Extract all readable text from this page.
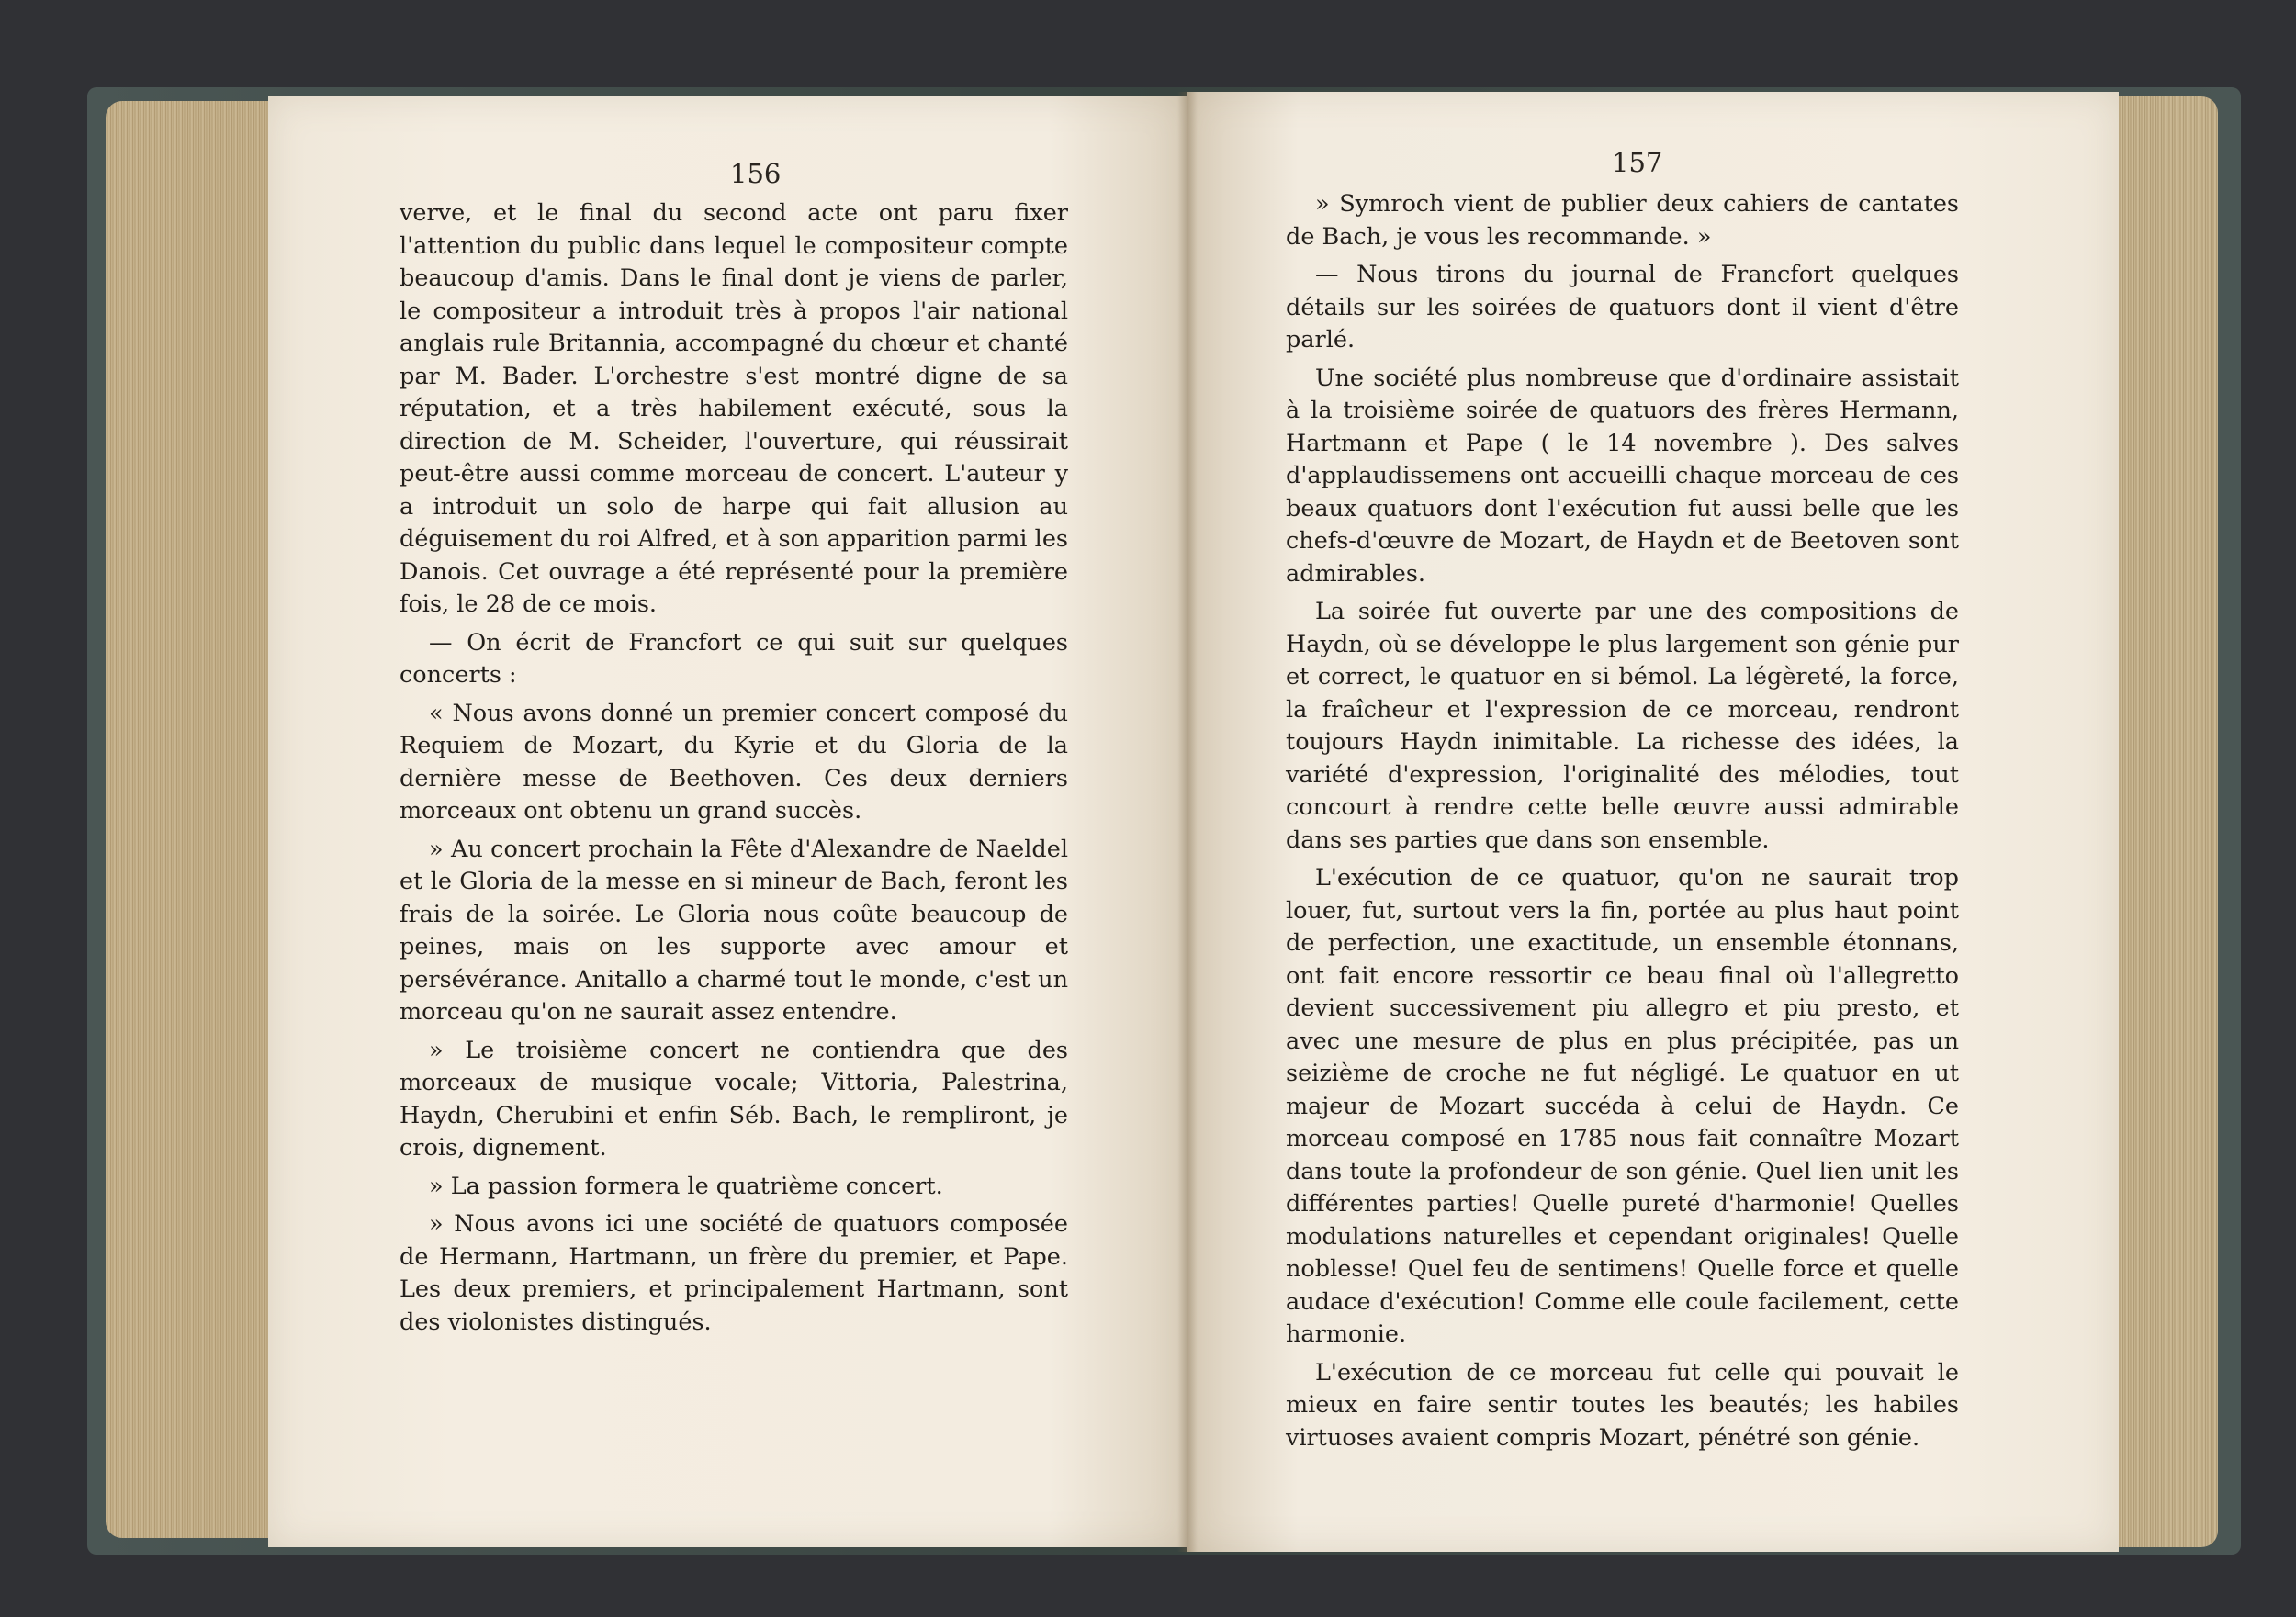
156	157

verve, et le final du second acte ont paru fixer l'attention du public dans lequel le compositeur compte beaucoup d'amis. Dans le final dont je viens de parler, le compositeur a introduit très à propos l'air national anglais rule Britannia, accompagné du chœur et chanté par M. Bader. L'orchestre s'est montré digne de sa réputation, et a très habilement exécuté, sous la direction de M. Scheider, l'ouverture, qui réussirait peut-être aussi comme morceau de concert. L'auteur y a introduit un solo de harpe qui fait allusion au déguisement du roi Alfred, et à son apparition parmi les Danois. Cet ouvrage a été représenté pour la première fois, le 28 de ce mois.

— On écrit de Francfort ce qui suit sur quelques concerts :

« Nous avons donné un premier concert composé du Requiem de Mozart, du Kyrie et du Gloria de la dernière messe de Beethoven. Ces deux derniers morceaux ont obtenu un grand succès.

» Au concert prochain la Fête d'Alexandre de Naeldel et le Gloria de la messe en si mineur de Bach, feront les frais de la soirée. Le Gloria nous coûte beaucoup de peines, mais on les supporte avec amour et persévérance. Anitallo a charmé tout le monde, c'est un morceau qu'on ne saurait assez entendre.

» Le troisième concert ne contiendra que des morceaux de musique vocale; Vittoria, Palestrina, Haydn, Cherubini et enfin Séb. Bach, le rempliront, je crois, dignement.

» La passion formera le quatrième concert.

» Nous avons ici une société de quatuors composée de Hermann, Hartmann, un frère du premier, et Pape. Les deux premiers, et principalement Hartmann, sont des violonistes distingués.

» Symroch vient de publier deux cahiers de cantates de Bach, je vous les recommande. »

— Nous tirons du journal de Francfort quelques détails sur les soirées de quatuors dont il vient d'être parlé.

Une société plus nombreuse que d'ordinaire assistait à la troisième soirée de quatuors des frères Hermann, Hartmann et Pape ( le 14 novembre ). Des salves d'applaudissemens ont accueilli chaque morceau de ces beaux quatuors dont l'exécution fut aussi belle que les chefs-d'œuvre de Mozart, de Haydn et de Beetoven sont admirables.

La soirée fut ouverte par une des compositions de Haydn, où se développe le plus largement son génie pur et correct, le quatuor en si bémol. La légèreté, la force, la fraîcheur et l'expression de ce morceau, rendront toujours Haydn inimitable. La richesse des idées, la variété d'expression, l'originalité des mélodies, tout concourt à rendre cette belle œuvre aussi admirable dans ses parties que dans son ensemble.

L'exécution de ce quatuor, qu'on ne saurait trop louer, fut, surtout vers la fin, portée au plus haut point de perfection, une exactitude, un ensemble étonnans, ont fait encore ressortir ce beau final où l'allegretto devient successivement piu allegro et piu presto, et avec une mesure de plus en plus précipitée, pas un seizième de croche ne fut négligé. Le quatuor en ut majeur de Mozart succéda à celui de Haydn. Ce morceau composé en 1785 nous fait connaître Mozart dans toute la profondeur de son génie. Quel lien unit les différentes parties! Quelle pureté d'harmonie! Quelles modulations naturelles et cependant originales! Quelle noblesse! Quel feu de sentimens! Quelle force et quelle audace d'exécution! Comme elle coule facilement, cette harmonie.

L'exécution de ce morceau fut celle qui pouvait le mieux en faire sentir toutes les beautés; les habiles virtuoses avaient compris Mozart, pénétré son génie.
